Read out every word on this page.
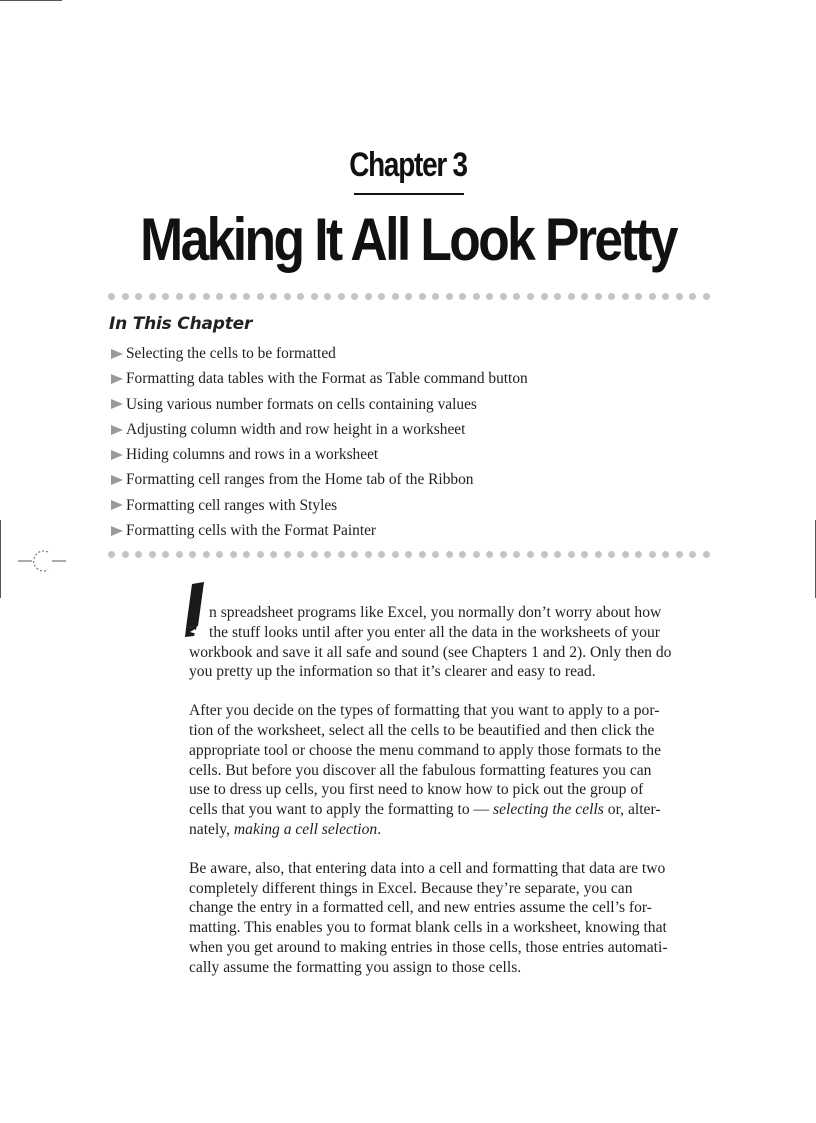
Chapter 3
Making It All Look Pretty
In This Chapter
Selecting the cells to be formatted
Formatting data tables with the Format as Table command button
Using various number formats on cells containing values
Adjusting column width and row height in a worksheet
Hiding columns and rows in a worksheet
Formatting cell ranges from the Home tab of the Ribbon
Formatting cell ranges with Styles
Formatting cells with the Format Painter

n spreadsheet programs like Excel, you normally don’t worry about how
the stuff looks until after you enter all the data in the worksheets of your
workbook and save it all safe and sound (see Chapters 1 and 2). Only then do
you pretty up the information so that it’s clearer and easy to read.

After you decide on the types of formatting that you want to apply to a por-
tion of the worksheet, select all the cells to be beautified and then click the
appropriate tool or choose the menu command to apply those formats to the
cells. But before you discover all the fabulous formatting features you can
use to dress up cells, you first need to know how to pick out the group of
cells that you want to apply the formatting to — selecting the cells or, alter-
nately, making a cell selection.

Be aware, also, that entering data into a cell and formatting that data are two
completely different things in Excel. Because they’re separate, you can
change the entry in a formatted cell, and new entries assume the cell’s for-
matting. This enables you to format blank cells in a worksheet, knowing that
when you get around to making entries in those cells, those entries automati-
cally assume the formatting you assign to those cells.
